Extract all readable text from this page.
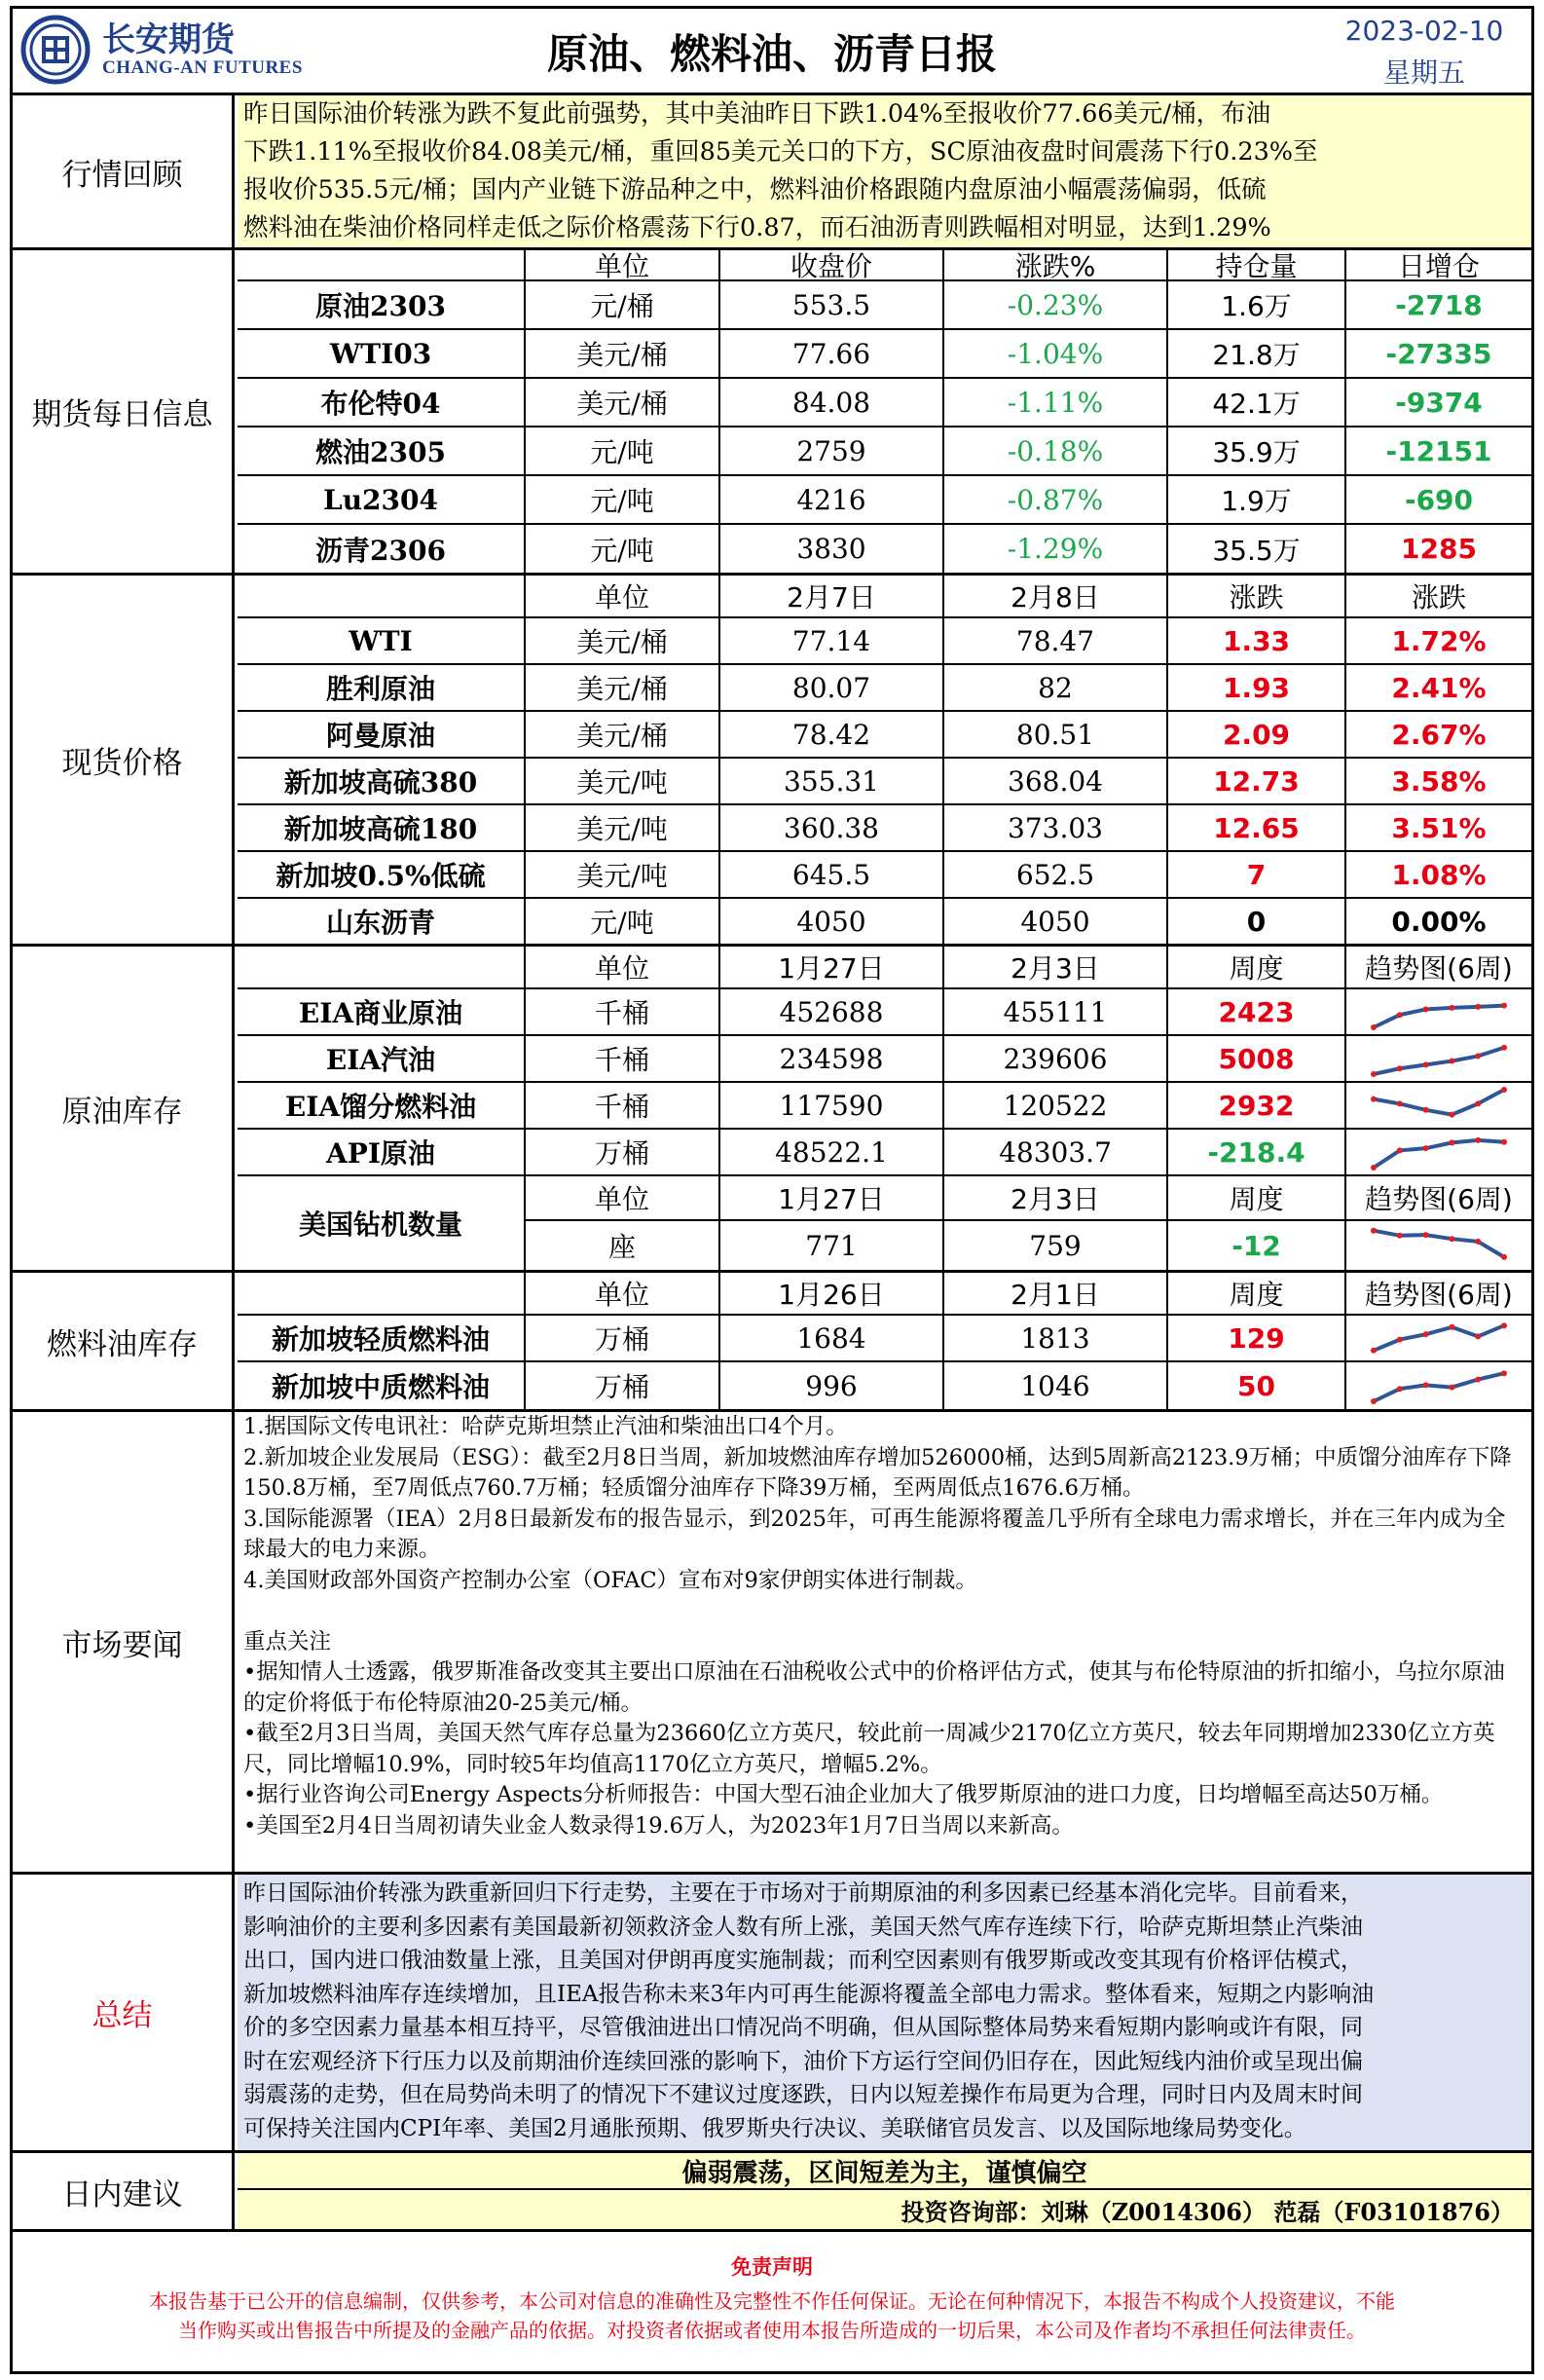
长安期货
CHANG-AN FUTURES	原油、燃料油、沥青日报	2023-02-10
星期五
行情回顾
昨日国际油价转涨为跌不复此前强势，其中美油昨日下跌1.04%至报收价77.66美元/桶，布油
下跌1.11%至报收价84.08美元/桶，重回85美元关口的下方，SC原油夜盘时间震荡下行0.23%至
报收价535.5元/桶；国内产业链下游品种之中，燃料油价格跟随内盘原油小幅震荡偏弱，低硫
燃料油在柴油价格同样走低之际价格震荡下行0.87，而石油沥青则跌幅相对明显，达到1.29%
期货每日信息
单位	收盘价	涨跌%	持仓量	日增仓
原油2303	元/桶	553.5	-0.23%	1.6万	-2718
WTI03	美元/桶	77.66	-1.04%	21.8万	-27335
布伦特04	美元/桶	84.08	-1.11%	42.1万	-9374
燃油2305	元/吨	2759	-0.18%	35.9万	-12151
Lu2304	元/吨	4216	-0.87%	1.9万	-690
沥青2306	元/吨	3830	-1.29%	35.5万	1285
现货价格
单位	2月7日	2月8日	涨跌	涨跌
WTI	美元/桶	77.14	78.47	1.33	1.72%
胜利原油	美元/桶	80.07	82	1.93	2.41%
阿曼原油	美元/桶	78.42	80.51	2.09	2.67%
新加坡高硫380	美元/吨	355.31	368.04	12.73	3.58%
新加坡高硫180	美元/吨	360.38	373.03	12.65	3.51%
新加坡0.5%低硫	美元/吨	645.5	652.5	7	1.08%
山东沥青	元/吨	4050	4050	0	0.00%
原油库存
单位	1月27日	2月3日	周度	趋势图(6周)
EIA商业原油	千桶	452688	455111	2423
EIA汽油	千桶	234598	239606	5008
EIA馏分燃料油	千桶	117590	120522	2932
API原油	万桶	48522.1	48303.7	-218.4
美国钻机数量
单位	1月27日	2月3日	周度	趋势图(6周)
座	771	759	-12
燃料油库存
单位	1月26日	2月1日	周度	趋势图(6周)
新加坡轻质燃料油	万桶	1684	1813	129
新加坡中质燃料油	万桶	996	1046	50
市场要闻

1.据国际文传电讯社：哈萨克斯坦禁止汽油和柴油出口4个月。

2.新加坡企业发展局（ESG）：截至2月8日当周，新加坡燃油库存增加526000桶，达到5周新高2123.9万桶；中质馏分油库存下降150.8万桶，至7周低点760.7万桶；轻质馏分油库存下降39万桶，至两周低点1676.6万桶。

3.国际能源署（IEA）2月8日最新发布的报告显示，到2025年，可再生能源将覆盖几乎所有全球电力需求增长，并在三年内成为全球最大的电力来源。

4.美国财政部外国资产控制办公室（OFAC）宣布对9家伊朗实体进行制裁。

重点关注

•据知情人士透露，俄罗斯准备改变其主要出口原油在石油税收公式中的价格评估方式，使其与布伦特原油的折扣缩小，乌拉尔原油的定价将低于布伦特原油20-25美元/桶。

•截至2月3日当周，美国天然气库存总量为23660亿立方英尺，较此前一周减少2170亿立方英尺，较去年同期增加2330亿立方英尺，同比增幅10.9%，同时较5年均值高1170亿立方英尺，增幅5.2%。

•据行业咨询公司Energy Aspects分析师报告：中国大型石油企业加大了俄罗斯原油的进口力度，日均增幅至高达50万桶。

•美国至2月4日当周初请失业金人数录得19.6万人，为2023年1月7日当周以来新高。

总结
昨日国际油价转涨为跌重新回归下行走势，主要在于市场对于前期原油的利多因素已经基本消化完毕。目前看来，
影响油价的主要利多因素有美国最新初领救济金人数有所上涨，美国天然气库存连续下行，哈萨克斯坦禁止汽柴油
出口，国内进口俄油数量上涨，且美国对伊朗再度实施制裁；而利空因素则有俄罗斯或改变其现有价格评估模式，
新加坡燃料油库存连续增加，且IEA报告称未来3年内可再生能源将覆盖全部电力需求。整体看来，短期之内影响油
价的多空因素力量基本相互持平，尽管俄油进出口情况尚不明确，但从国际整体局势来看短期内影响或许有限，同
时在宏观经济下行压力以及前期油价连续回涨的影响下，油价下方运行空间仍旧存在，因此短线内油价或呈现出偏
弱震荡的走势，但在局势尚未明了的情况下不建议过度逐跌，日内以短差操作布局更为合理，同时日内及周末时间
可保持关注国内CPI年率、美国2月通胀预期、俄罗斯央行决议、美联储官员发言、以及国际地缘局势变化。
日内建议
偏弱震荡，区间短差为主，谨慎偏空
投资咨询部：刘琳（Z0014306） 范磊（F03101876）
免责声明
本报告基于已公开的信息编制，仅供参考，本公司对信息的准确性及完整性不作任何保证。无论在何种情况下，本报告不构成个人投资建议，不能
当作购买或出售报告中所提及的金融产品的依据。对投资者依据或者使用本报告所造成的一切后果，本公司及作者均不承担任何法律责任。
